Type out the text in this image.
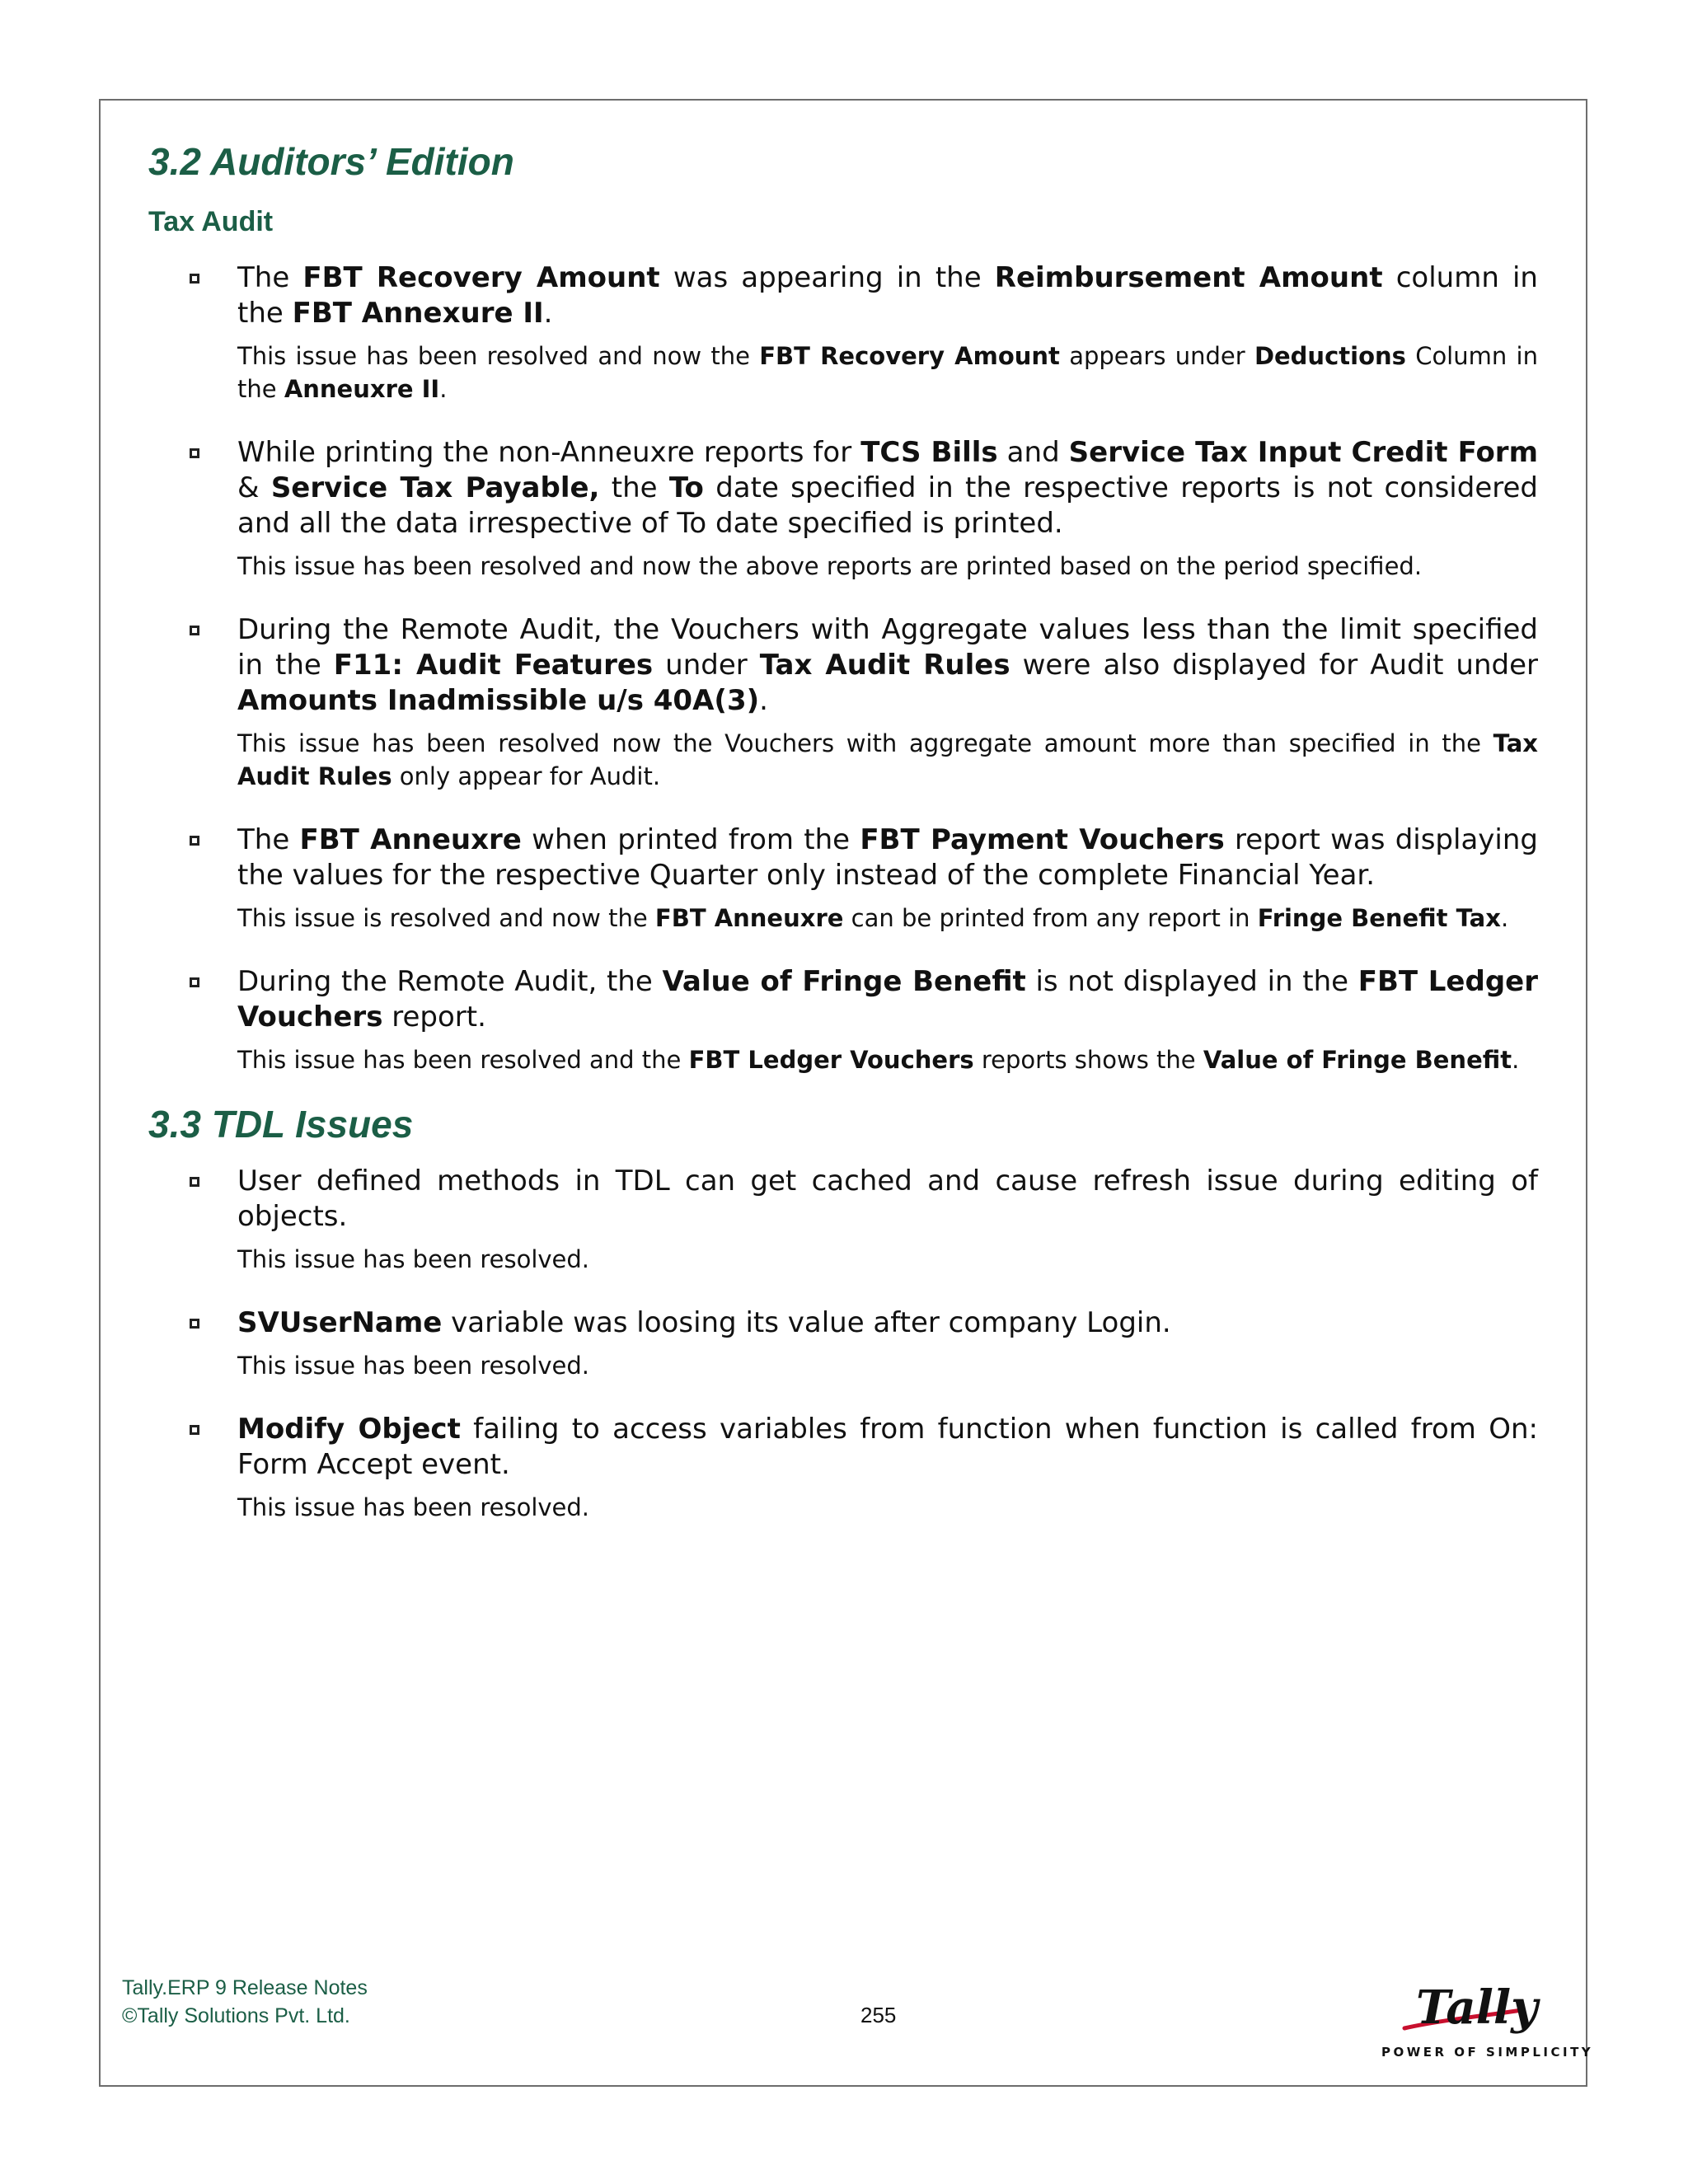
3.2 Auditors’ Edition
Tax Audit

The FBT Recovery Amount was appearing in the Reimbursement Amount column in the FBT Annexure II.

This issue has been resolved and now the FBT Recovery Amount appears under Deductions Column in the Anneuxre II.

While printing the non-Anneuxre reports for TCS Bills and Service Tax Input Credit Form & Service Tax Payable, the To date specified in the respective reports is not considered and all the data irrespective of To date specified is printed.

This issue has been resolved and now the above reports are printed based on the period specified.

During the Remote Audit, the Vouchers with Aggregate values less than the limit specified in the F11: Audit Features under Tax Audit Rules were also displayed for Audit under Amounts Inadmissible u/s 40A(3).

This issue has been resolved now the Vouchers with aggregate amount more than specified in the Tax Audit Rules only appear for Audit.

The FBT Anneuxre when printed from the FBT Payment Vouchers report was displaying the values for the respective Quarter only instead of the complete Financial Year.

This issue is resolved and now the FBT Anneuxre can be printed from any report in Fringe Benefit Tax.

During the Remote Audit, the Value of Fringe Benefit is not displayed in the FBT Ledger Vouchers report.

This issue has been resolved and the FBT Ledger Vouchers reports shows the Value of Fringe Benefit.

3.3 TDL Issues

User defined methods in TDL can get cached and cause refresh issue during editing of objects.

This issue has been resolved.

SVUserName variable was loosing its value after company Login.

This issue has been resolved.

Modify Object failing to access variables from function when function is called from On: Form Accept event.

This issue has been resolved.

Tally.ERP 9 Release Notes
©Tally Solutions Pvt. Ltd.	255	Tally
POWER OF SIMPLICITY
